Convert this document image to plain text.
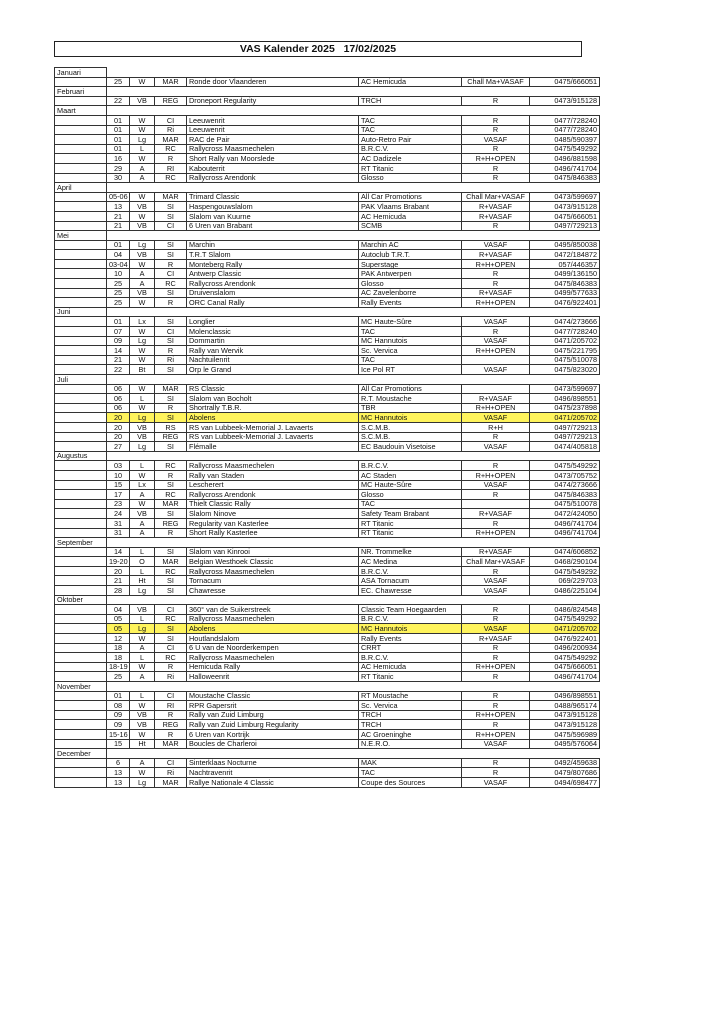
VAS Kalender 2025   17/02/2025
Januari							
	25	W	MAR	Ronde door Vlaanderen	AC Hemicuda	Chall Ma+VASAF	0475/666051
Februari							
	22	VB	REG	Droneport Regularity	TRCH	R	0473/915128
Maart							
	01	W	CI	Leeuwenrit	TAC	R	0477/728240
	01	W	Ri	Leeuwenrit	TAC	R	0477/728240
	01	Lg	MAR	RAC de Pair	Auto-Retro Pair	VASAF	0485/590397
	01	L	RC	Rallycross Maasmechelen	B.R.C.V.	R	0475/549292
	16	W	R	Short Rally van Moorslede	AC Dadizele	R+H+OPEN	0496/881598
	29	A	RI	Kabouterrit	RT Titanic	R	0496/741704
	30	A	RC	Rallycross Arendonk	Glosso	R	0475/846383
April							
	05-06	W	MAR	Trimard Classic	All Car Promotions	Chall Mar+VASAF	0473/599697
	13	VB	SI	Haspengouwslalom	PAK Vlaams Brabant	R+VASAF	0473/915128
	21	W	SI	Slalom van Kuurne	AC Hemicuda	R+VASAF	0475/666051
	21	VB	CI	6 Uren van Brabant	SCMB	R	0497/729213
Mei							
	01	Lg	SI	Marchin	Marchin AC	VASAF	0495/850038
	04	VB	SI	T.R.T Slalom	Autoclub T.R.T.	R+VASAF	0472/184872
	03-04	W	R	Monteberg Rally	Superstage	R+H+OPEN	057/446357
	10	A	CI	Antwerp Classic	PAK Antwerpen	R	0499/136150
	25	A	RC	Rallycross Arendonk	Glosso	R	0475/846383
	25	VB	SI	Druivenslalom	AC Zavelenborre	R+VASAF	0499/577633
	25	W	R	ORC Canal Rally	Rally Events	R+H+OPEN	0476/922401
Juni							
	01	Lx	SI	Longlier	MC Haute-Sûre	VASAF	0474/273666
	07	W	CI	Molenclassic	TAC	R	0477/728240
	09	Lg	SI	Dommartin	MC Hannutois	VASAF	0471/205702
	14	W	R	Rally van Wervik	Sc. Vervica	R+H+OPEN	0475/221795
	21	W	Ri	Nachtuilenrit	TAC		0475/510078
	22	Bt	SI	Orp le Grand	Ice Pol RT	VASAF	0475/823020
Juli							
	06	W	MAR	RS Classic	All Car Promotions		0473/599697
	06	L	SI	Slalom van Bocholt	R.T. Moustache	R+VASAF	0496/898551
	06	W	R	Shortrally T.B.R.	TBR	R+H+OPEN	0475/237898
	20	Lg	SI	Abolens	MC Hannutois	VASAF	0471/205702
	20	VB	RS	RS van Lubbeek-Memorial J. Lavaerts	S.C.M.B.	R+H	0497/729213
	20	VB	REG	RS van Lubbeek-Memorial J. Lavaerts	S.C.M.B.	R	0497/729213
	27	Lg	SI	Flémalle	EC Baudouin Visetoise	VASAF	0474/405818
Augustus							
	03	L	RC	Rallycross Maasmechelen	B.R.C.V.	R	0475/549292
	10	W	R	Rally van Staden	AC Staden	R+H+OPEN	0473/705752
	15	Lx	SI	Lescherert	MC Haute-Sûre	VASAF	0474/273666
	17	A	RC	Rallycross Arendonk	Glosso	R	0475/846383
	23	W	MAR	Thielt Classic Rally	TAC		0475/510078
	24	VB	SI	Slalom Ninove	Safety Team Brabant	R+VASAF	0472/424050
	31	A	REG	Regularity van Kasterlee	RT Titanic	R	0496/741704
	31	A	R	Short Rally Kasterlee	RT Titanic	R+H+OPEN	0496/741704
September							
	14	L	SI	Slalom van Kinrooi	NR. Trommelke	R+VASAF	0474/606852
	19-20	O	MAR	Belgian Westhoek Classic	AC Medina	Chall Mar+VASAF	0468/290104
	20	L	RC	Rallycross Maasmechelen	B.R.C.V.	R	0475/549292
	21	Ht	SI	Tornacum	ASA Tornacum	VASAF	069/229703
	28	Lg	SI	Chawresse	EC. Chawresse	VASAF	0486/225104
Oktober							
	04	VB	CI	360° van de Suikerstreek	Classic Team Hoegaarden	R	0486/824548
	05	L	RC	Rallycross Maasmechelen	B.R.C.V.	R	0475/549292
	05	Lg	SI	Abolens	MC Hannutois	VASAF	0471/205702
	12	W	SI	Houtlandslalom	Rally Events	R+VASAF	0476/922401
	18	A	CI	6 U van de Noorderkempen	CRRT	R	0496/200934
	18	L	RC	Rallycross Maasmechelen	B.R.C.V.	R	0475/549292
	18-19	W	R	Hemicuda Rally	AC Hemicuda	R+H+OPEN	0475/666051
	25	A	Ri	Halloweenrit	RT Titanic	R	0496/741704
November							
	01	L	CI	Moustache Classic	RT Moustache	R	0496/898551
	08	W	RI	RPR Gapersrit	Sc. Vervica	R	0488/965174
	09	VB	R	Rally van Zuid Limburg	TRCH	R+H+OPEN	0473/915128
	09	VB	REG	Rally van Zuid Limburg Regularity	TRCH	R	0473/915128
	15-16	W	R	6 Uren van Kortrijk	AC Groeninghe	R+H+OPEN	0475/596989
	15	Ht	MAR	Boucles de Charleroi	N.E.R.O.	VASAF	0495/576064
December							
	6	A	CI	Sinterklaas Nocturne	MAK	R	0492/459638
	13	W	Ri	Nachtravenrit	TAC	R	0479/807686
	13	Lg	MAR	Rallye Nationale 4 Classic	Coupe des Sources	VASAF	0494/698477
